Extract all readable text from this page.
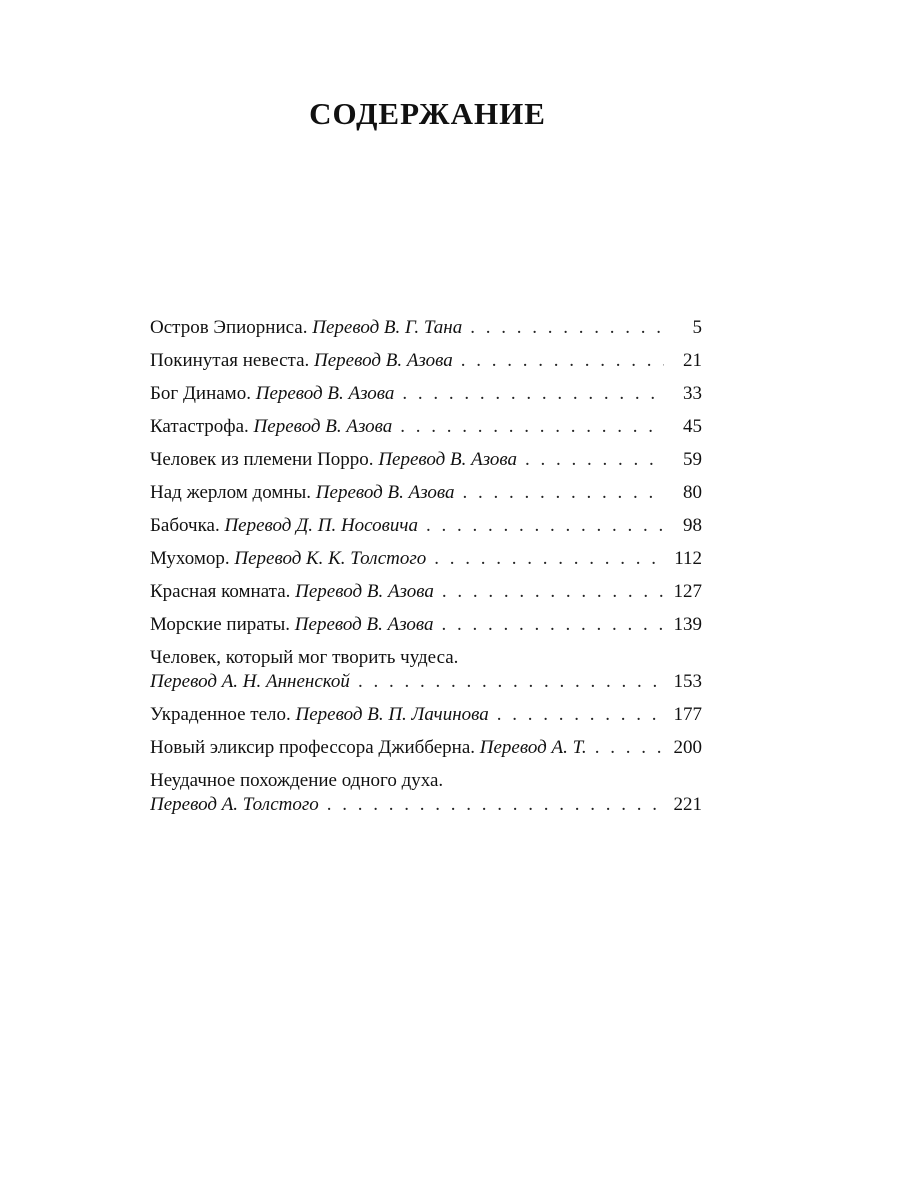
СОДЕРЖАНИЕ
Остров Эпиорниса. Перевод В. Г. Тана . . .	5
Покинутая невеста. Перевод В. Азова . . .	21
Бог Динамо. Перевод В. Азова . . .	33
Катастрофа. Перевод В. Азова . . .	45
Человек из племени Порро. Перевод В. Азова . . .	59
Над жерлом домны. Перевод В. Азова . . .	80
Бабочка. Перевод Д. П. Носовича . . .	98
Мухомор. Перевод К. К. Толстого . . .	112
Красная комната. Перевод В. Азова . . .	127
Морские пираты. Перевод В. Азова . . .	139
Человек, который мог творить чудеса.
Перевод А. Н. Анненской . . .	153
Украденное тело. Перевод В. П. Лачинова . . .	177
Новый эликсир профессора Джибберна. Перевод А. Т. . . .	200
Неудачное похождение одного духа.
Перевод А. Толстого . . .	221
